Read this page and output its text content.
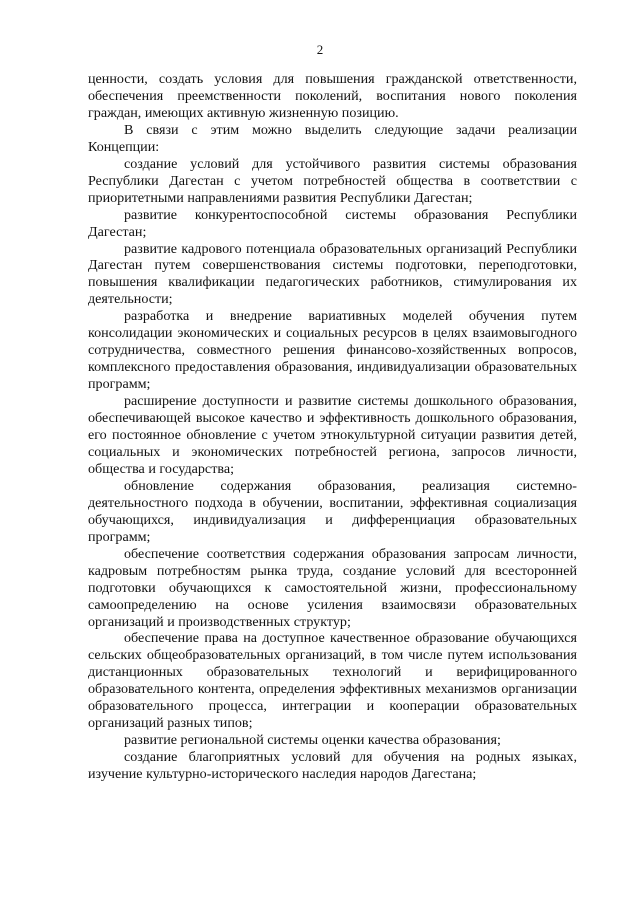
2

ценности, создать условия для повышения гражданской ответственности, обеспечения преемственности поколений, воспитания нового поколения граждан, имеющих активную жизненную позицию.

В связи с этим можно выделить следующие задачи реализации Концепции:

создание условий для устойчивого развития системы образования Республики Дагестан с учетом потребностей общества в соответствии с приоритетными направлениями развития Республики Дагестан;

развитие конкурентоспособной системы образования Республики Дагестан;

развитие кадрового потенциала образовательных организаций Республики Дагестан путем совершенствования системы подготовки, переподготовки, повышения квалификации педагогических работников, стимулирования их деятельности;

разработка и внедрение вариативных моделей обучения путем консолидации экономических и социальных ресурсов в целях взаимовыгодного сотрудничества, совместного решения финансово-хозяйственных вопросов, комплексного предоставления образования, индивидуализации образовательных программ;

расширение доступности и развитие системы дошкольного образования, обеспечивающей высокое качество и эффективность дошкольного образования, его постоянное обновление с учетом этнокультурной ситуации развития детей, социальных и экономических потребностей региона, запросов личности, общества и государства;

обновление содержания образования, реализация системно-деятельностного подхода в обучении, воспитании, эффективная социализация обучающихся, индивидуализация и дифференциация образовательных программ;

обеспечение соответствия содержания образования запросам личности, кадровым потребностям рынка труда, создание условий для всесторонней подготовки обучающихся к самостоятельной жизни, профессиональному самоопределению на основе усиления взаимосвязи образовательных организаций и производственных структур;

обеспечение права на доступное качественное образование обучающихся сельских общеобразовательных организаций, в том числе путем использования дистанционных образовательных технологий и верифицированного образовательного контента, определения эффективных механизмов организации образовательного процесса, интеграции и кооперации образовательных организаций разных типов;

развитие региональной системы оценки качества образования;

создание благоприятных условий для обучения на родных языках, изучение культурно-исторического наследия народов Дагестана;
